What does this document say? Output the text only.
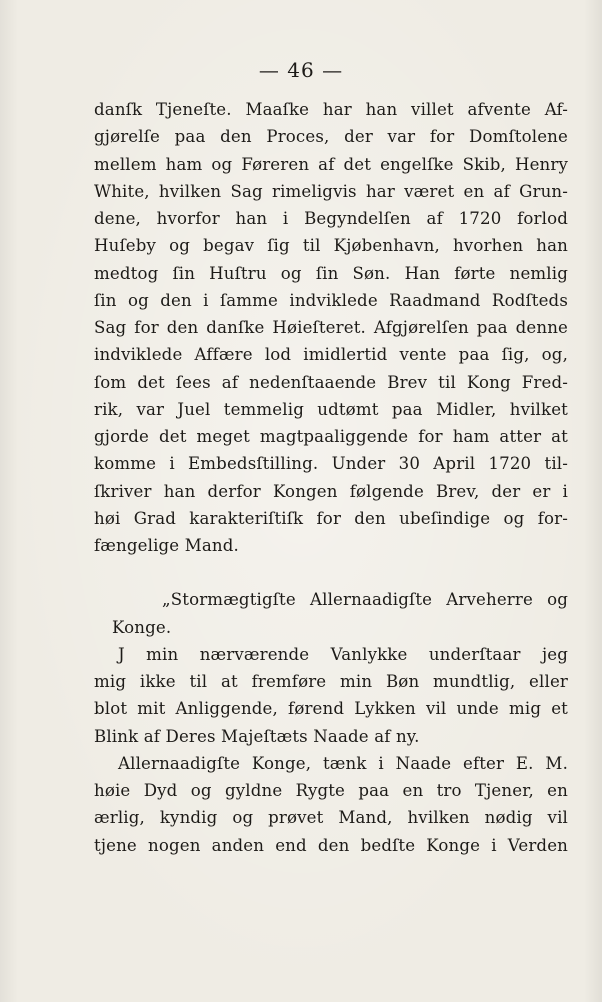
— 46 —
danſk Tjeneſte. Maaſke har han villet afvente Af-
gjørelſe paa den Proces, der var for Domſtolene
mellem ham og Føreren af det engelſke Skib, Henry
White, hvilken Sag rimeligvis har været en af Grun-
dene, hvorfor han i Begyndelſen af 1720 forlod
Huſeby og begav ſig til Kjøbenhavn, hvorhen han
medtog ſin Huſtru og ſin Søn. Han førte nemlig
ſin og den i ſamme indviklede Raadmand Rodſteds
Sag for den danſke Høieſteret. Afgjørelſen paa denne
indviklede Affære lod imidlertid vente paa ſig, og,
ſom det ſees af nedenſtaaende Brev til Kong Fred-
rik, var Juel temmelig udtømt paa Midler, hvilket
gjorde det meget magtpaaliggende for ham atter at
komme i Embedsſtilling. Under 30 April 1720 til-
ſkriver han derfor Kongen følgende Brev, der er i
høi Grad karakteriſtiſk for den ubeſindige og for-
fængelige Mand.
„Stormægtigſte Allernaadigſte Arveherre og
Konge.
J min nærværende Vanlykke underſtaar jeg
mig ikke til at fremføre min Bøn mundtlig, eller
blot mit Anliggende, førend Lykken vil unde mig et
Blink af Deres Majeſtæts Naade af ny.
Allernaadigſte Konge, tænk i Naade efter E. M.
høie Dyd og gyldne Rygte paa en tro Tjener, en
ærlig, kyndig og prøvet Mand, hvilken nødig vil
tjene nogen anden end den bedſte Konge i Verden
